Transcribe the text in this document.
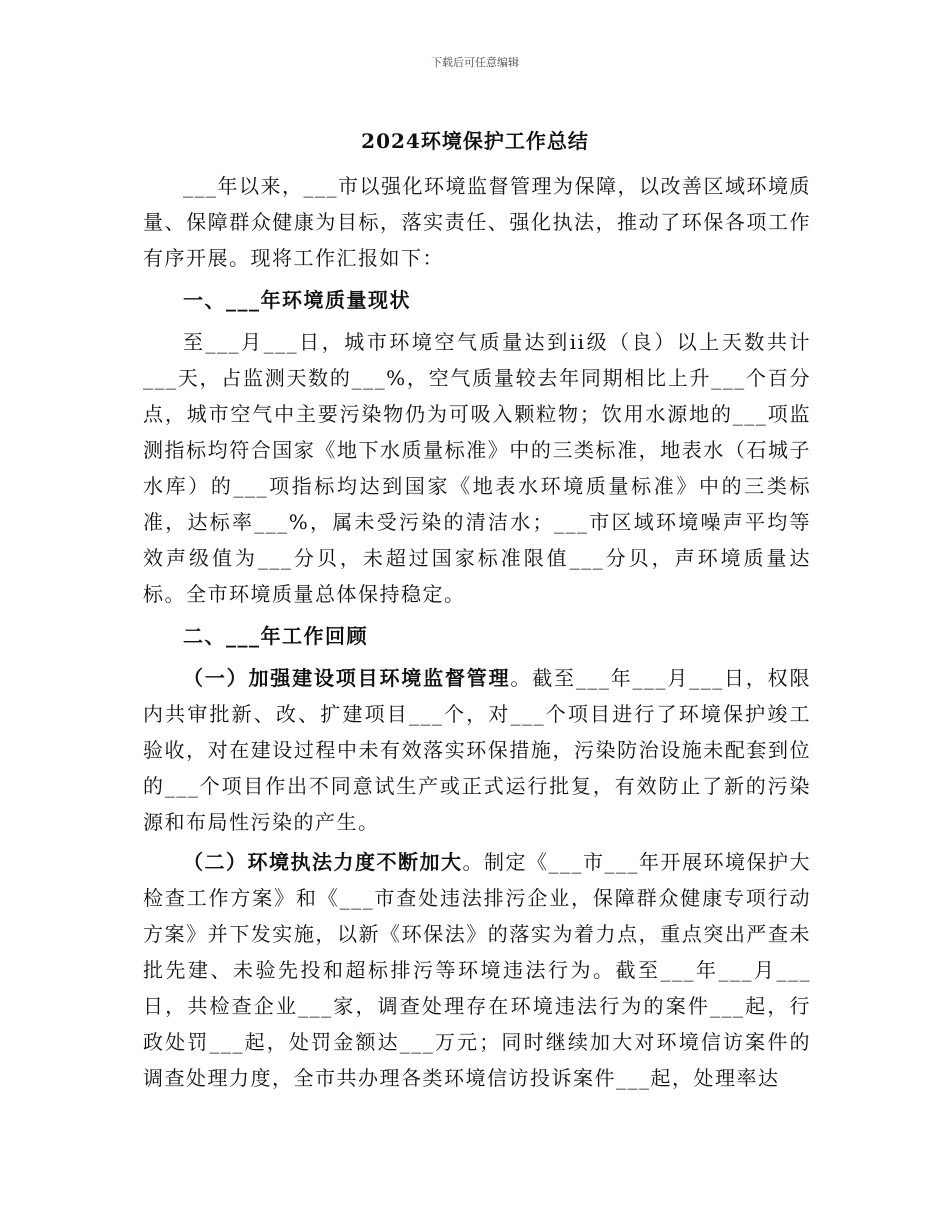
下载后可任意编辑
2024环境保护工作总结

___年以来，___市以强化环境监督管理为保障，以改善区域环境质量、保障群众健康为目标，落实责任、强化执法，推动了环保各项工作有序开展。现将工作汇报如下：

一、___年环境质量现状

至___月___日，城市环境空气质量达到ii级（良）以上天数共计___天，占监测天数的___%，空气质量较去年同期相比上升___个百分点，城市空气中主要污染物仍为可吸入颗粒物；饮用水源地的___项监测指标均符合国家《地下水质量标准》中的三类标准，地表水（石城子水库）的___项指标均达到国家《地表水环境质量标准》中的三类标准，达标率___%，属未受污染的清洁水；___市区域环境噪声平均等效声级值为___分贝，未超过国家标准限值___分贝，声环境质量达标。全市环境质量总体保持稳定。

二、___年工作回顾

（一）加强建设项目环境监督管理。截至___年___月___日，权限内共审批新、改、扩建项目___个，对___个项目进行了环境保护竣工验收，对在建设过程中未有效落实环保措施，污染防治设施未配套到位的___个项目作出不同意试生产或正式运行批复，有效防止了新的污染源和布局性污染的产生。

（二）环境执法力度不断加大。制定《___市___年开展环境保护大检查工作方案》和《___市查处违法排污企业，保障群众健康专项行动方案》并下发实施，以新《环保法》的落实为着力点，重点突出严查未批先建、未验先投和超标排污等环境违法行为。截至___年___月___日，共检查企业___家，调查处理存在环境违法行为的案件___起，行政处罚___起，处罚金额达___万元；同时继续加大对环境信访案件的调查处理力度，全市共办理各类环境信访投诉案件___起，处理率达
